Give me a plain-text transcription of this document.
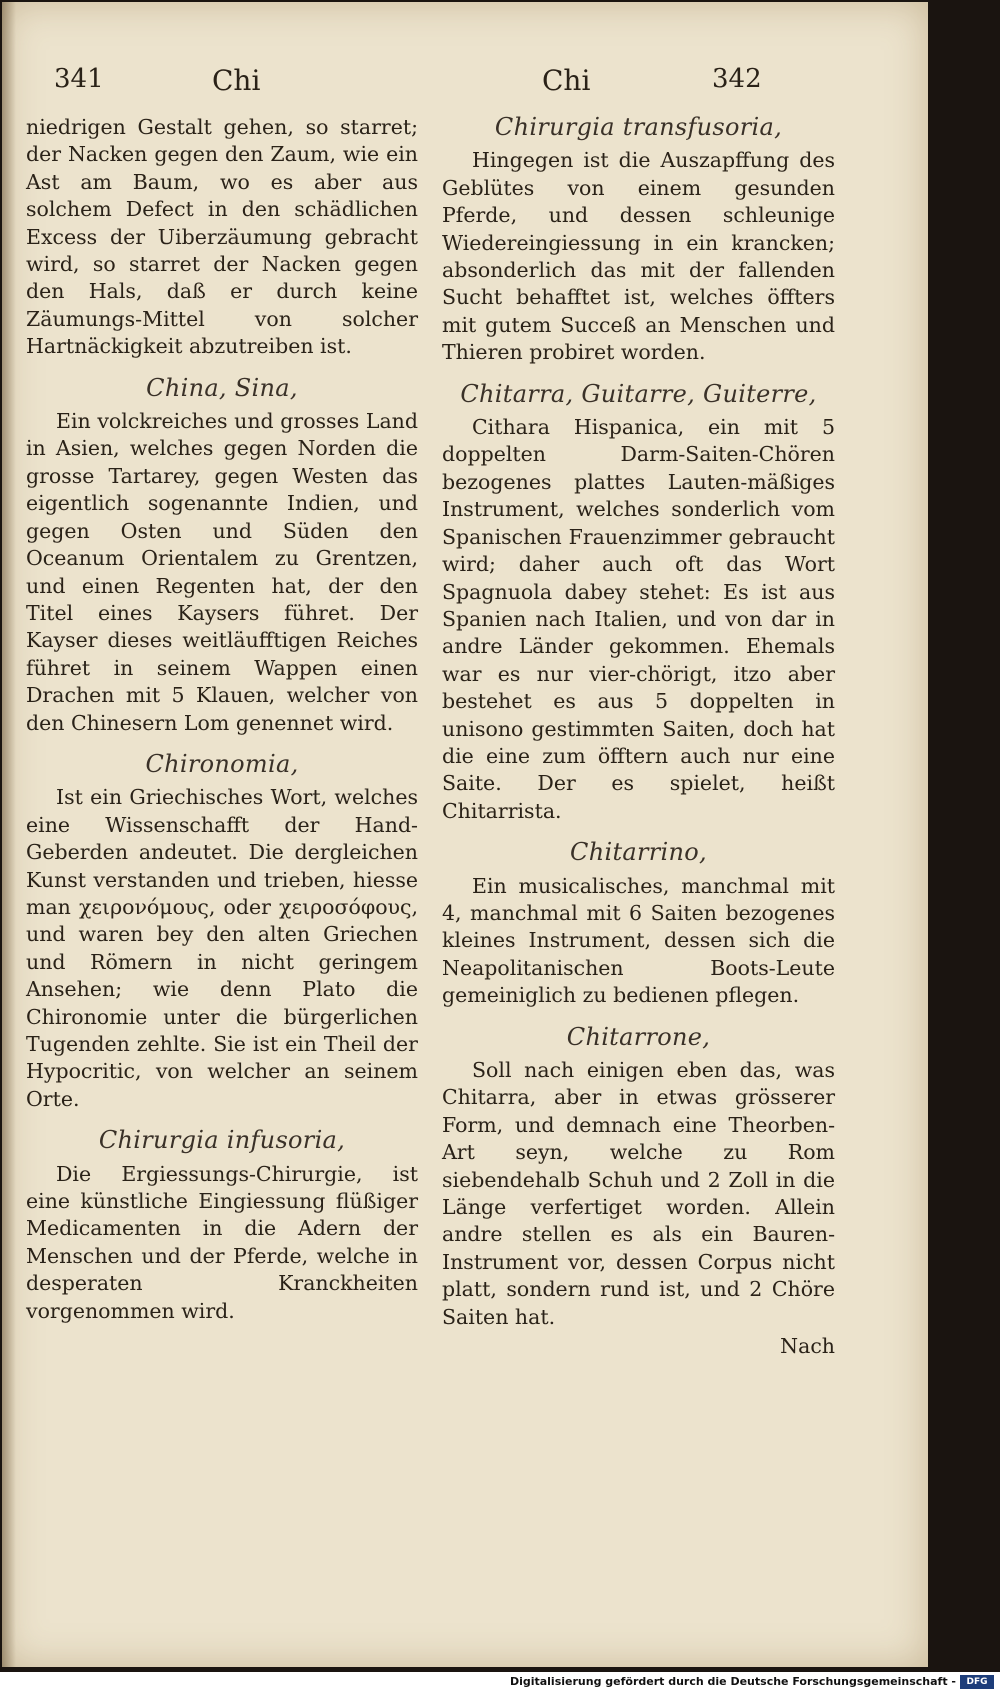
341	Chi	Chi	342

niedrigen Gestalt gehen, so starret; der Nacken gegen den Zaum, wie ein Ast am Baum, wo es aber aus solchem Defect in den schädlichen Excess der Uiberzäumung gebracht wird, so starret der Nacken gegen den Hals, daß er durch keine Zäumungs-Mittel von solcher Hartnäckigkeit abzutreiben ist.

China, Sina,

Ein volckreiches und grosses Land in Asien, welches gegen Norden die grosse Tartarey, gegen Westen das eigentlich sogenannte Indien, und gegen Osten und Süden den Oceanum Orientalem zu Grentzen, und einen Regenten hat, der den Titel eines Kaysers führet. Der Kayser dieses weitläufftigen Reiches führet in seinem Wappen einen Drachen mit 5 Klauen, welcher von den Chinesern Lom genennet wird.

Chironomia,

Ist ein Griechisches Wort, welches eine Wissenschafft der Hand-Geberden andeutet. Die dergleichen Kunst verstanden und trieben, hiesse man χειρονόμους, oder χειροσόφους, und waren bey den alten Griechen und Römern in nicht geringem Ansehen; wie denn Plato die Chironomie unter die bürgerlichen Tugenden zehlte. Sie ist ein Theil der Hypocritic, von welcher an seinem Orte.

Chirurgia infusoria,

Die Ergiessungs-Chirurgie, ist eine künstliche Eingiessung flüßiger Medicamenten in die Adern der Menschen und der Pferde, welche in desperaten Kranckheiten vorgenommen wird.

Chirurgia transfusoria,

Hingegen ist die Auszapffung des Geblütes von einem gesunden Pferde, und dessen schleunige Wiedereingiessung in ein krancken; absonderlich das mit der fallenden Sucht behafftet ist, welches öffters mit gutem Succeß an Menschen und Thieren probiret worden.

Chitarra, Guitarre, Guiterre,

Cithara Hispanica, ein mit 5 doppelten Darm-Saiten-Chören bezogenes plattes Lauten-mäßiges Instrument, welches sonderlich vom Spanischen Frauenzimmer gebraucht wird; daher auch oft das Wort Spagnuola dabey stehet: Es ist aus Spanien nach Italien, und von dar in andre Länder gekommen. Ehemals war es nur vier-chörigt, itzo aber bestehet es aus 5 doppelten in unisono gestimmten Saiten, doch hat die eine zum öfftern auch nur eine Saite. Der es spielet, heißt Chitarrista.

Chitarrino,

Ein musicalisches, manchmal mit 4, manchmal mit 6 Saiten bezogenes kleines Instrument, dessen sich die Neapolitanischen Boots-Leute gemeiniglich zu bedienen pflegen.

Chitarrone,

Soll nach einigen eben das, was Chitarra, aber in etwas grösserer Form, und demnach eine Theorben-Art seyn, welche zu Rom siebendehalb Schuh und 2 Zoll in die Länge verfertiget worden. Allein andre stellen es als ein Bauren-Instrument vor, dessen Corpus nicht platt, sondern rund ist, und 2 Chöre Saiten hat.

Nach
Digitalisierung gefördert durch die Deutsche Forschungsgemeinschaft -	DFG
